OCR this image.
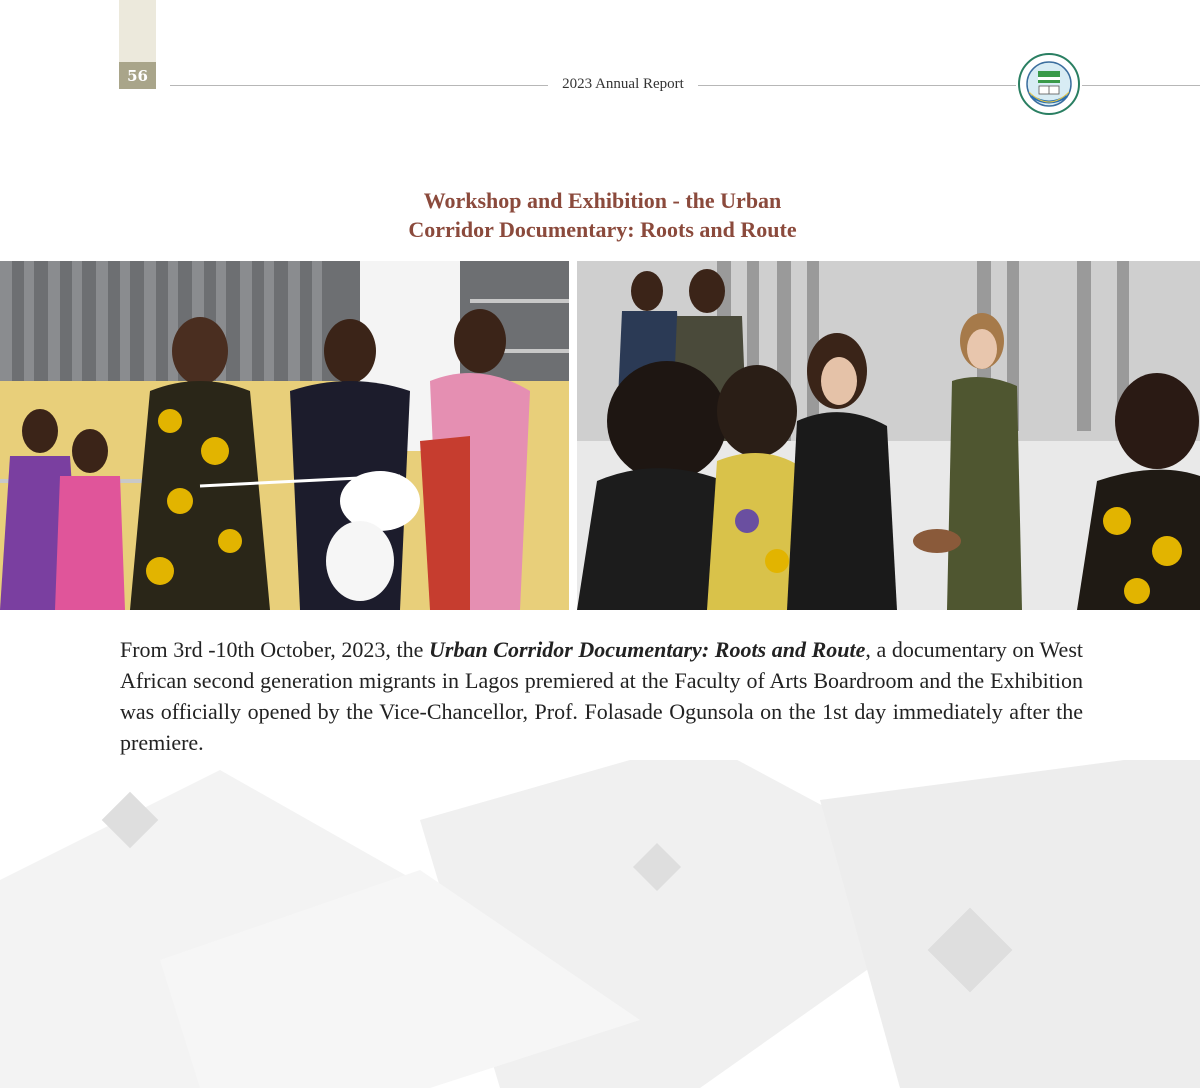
56	2023 Annual Report
Workshop and Exhibition - the Urban
Corridor Documentary: Roots and Route

From 3rd -10th October, 2023, the Urban Corridor Documentary: Roots and Route, a documentary on West African second generation migrants in Lagos premiered at the Faculty of Arts Boardroom and the Exhibition was officially opened by the Vice-Chancellor, Prof. Folasade Ogunsola on the 1st day immediately after the premiere.
